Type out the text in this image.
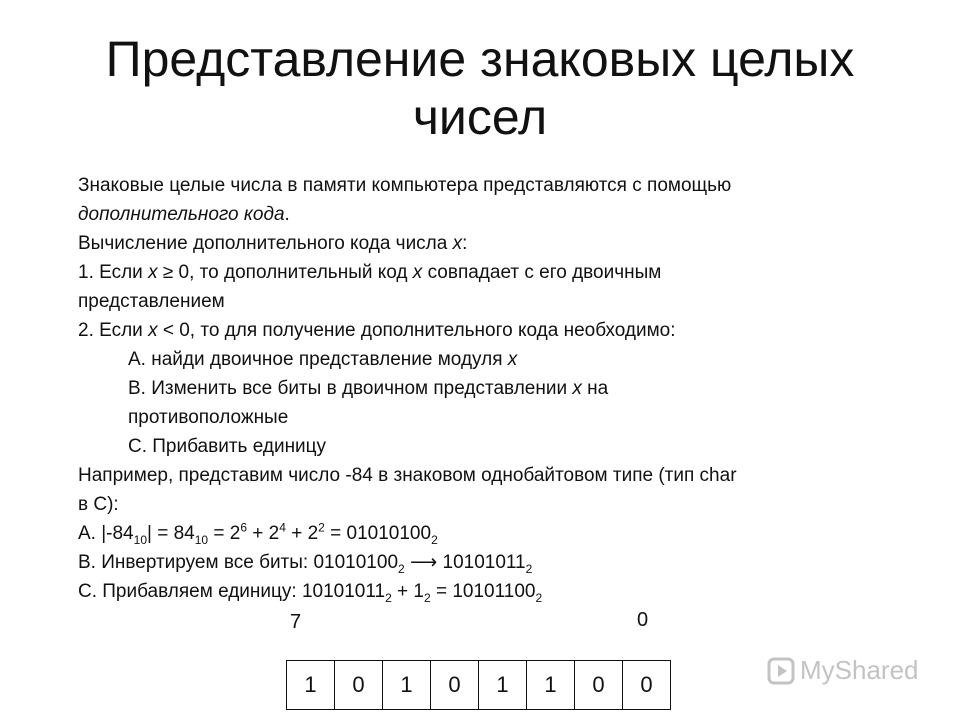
Представление знаковых целых чисел
Знаковые целые числа в памяти компьютера представляются с помощью
дополнительного кода.
Вычисление дополнительного кода числа x:
1. Если x ≥ 0, то дополнительный код x совпадает с его двоичным
представлением
2. Если x < 0, то для получение дополнительного кода необходимо:
A. найди двоичное представление модуля x
B. Изменить все биты в двоичном представлении x на
противоположные
C. Прибавить единицу
Например, представим число -84 в знаковом однобайтовом типе (тип char
в C):
A. $|-84_{10}| = 84_{10} = 2^6 + 2^4 + 2^2 = 01010100_2$
B. Инвертируем все биты: $01010100_2$ ⟶ $10101011_2$
C. Прибавляем единицу: $10101011_2 + 1_2 = 10101100_2$
7	0
1	0	1	0	1	1	0	0	MyShared
